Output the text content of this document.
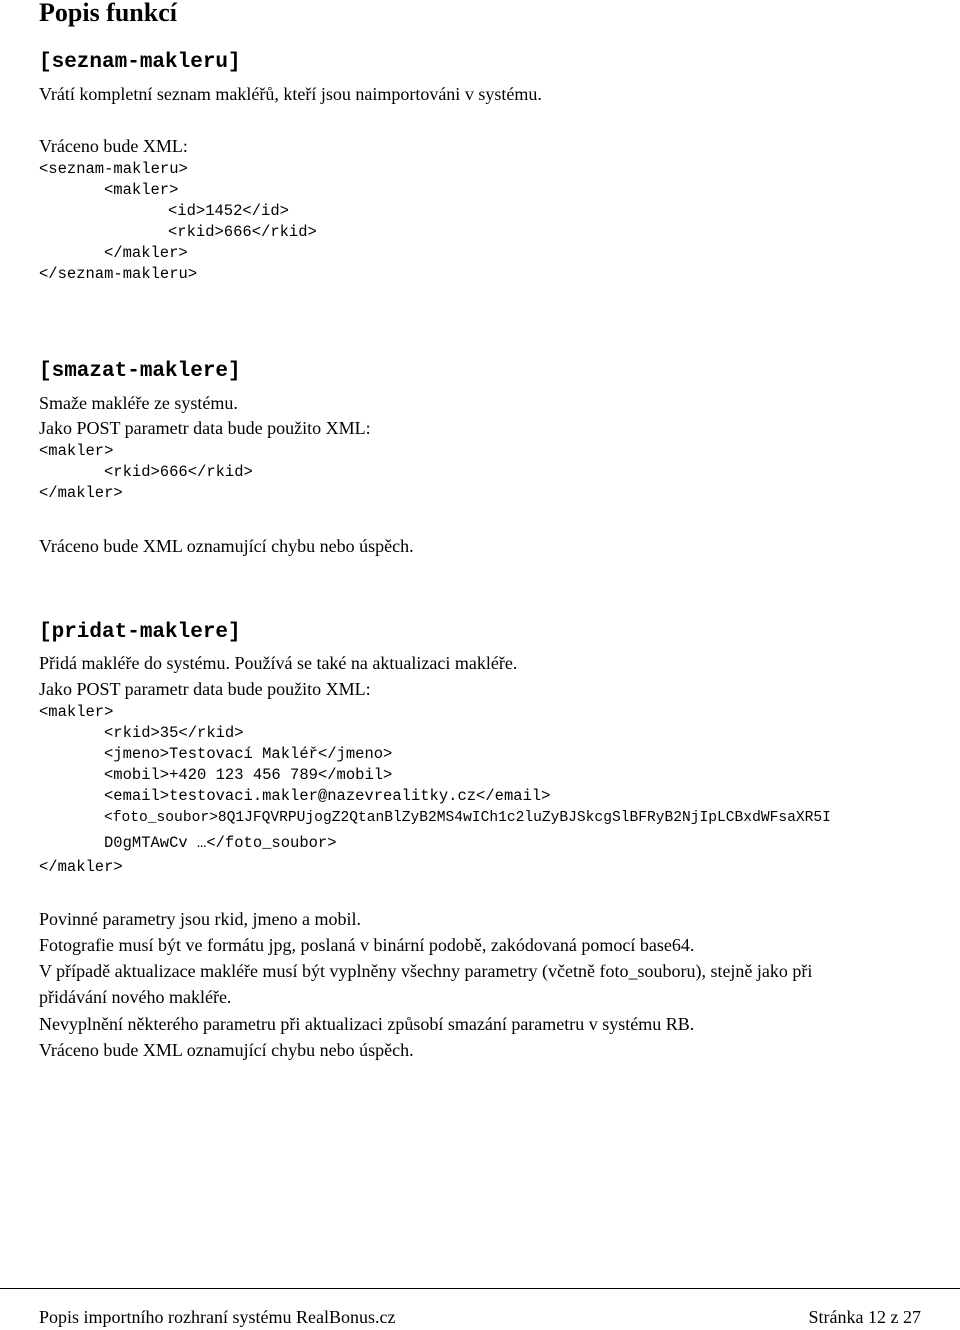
Popis funkcí
[seznam-makleru]
Vrátí kompletní seznam makléřů, kteří jsou naimportováni v systému.
Vráceno bude XML:
<seznam-makleru>
<makler>
<id>1452</id>
<rkid>666</rkid>
</makler>
</seznam-makleru>
[smazat-maklere]
Smaže makléře ze systému.
Jako POST parametr data bude použito XML:
<makler>
<rkid>666</rkid>
</makler>
Vráceno bude XML oznamující chybu nebo úspěch.
[pridat-maklere]
Přidá makléře do systému. Používá se také na aktualizaci makléře.
Jako POST parametr data bude použito XML:
<makler>
<rkid>35</rkid>
<jmeno>Testovací Makléř</jmeno>
<mobil>+420 123 456 789</mobil>
<email>testovaci.makler@nazevrealitky.cz</email>
<foto_soubor>8Q1JFQVRPUjogZ2QtanBlZyB2MS4wICh1c2luZyBJSkcgSlBFRyB2NjIpLCBxdWFsaXR5I
D0gMTAwCv …</foto_soubor>
</makler>
Povinné parametry jsou rkid, jmeno a mobil.
Fotografie musí být ve formátu jpg, poslaná v binární podobě, zakódovaná pomocí base64.
V případě aktualizace makléře musí být vyplněny všechny parametry (včetně foto_souboru), stejně jako při
přidávání nového makléře.
Nevyplnění některého parametru při aktualizaci způsobí smazání parametru v systému RB.
Vráceno bude XML oznamující chybu nebo úspěch.
Popis importního rozhraní systému RealBonus.cz	Stránka 12 z 27
